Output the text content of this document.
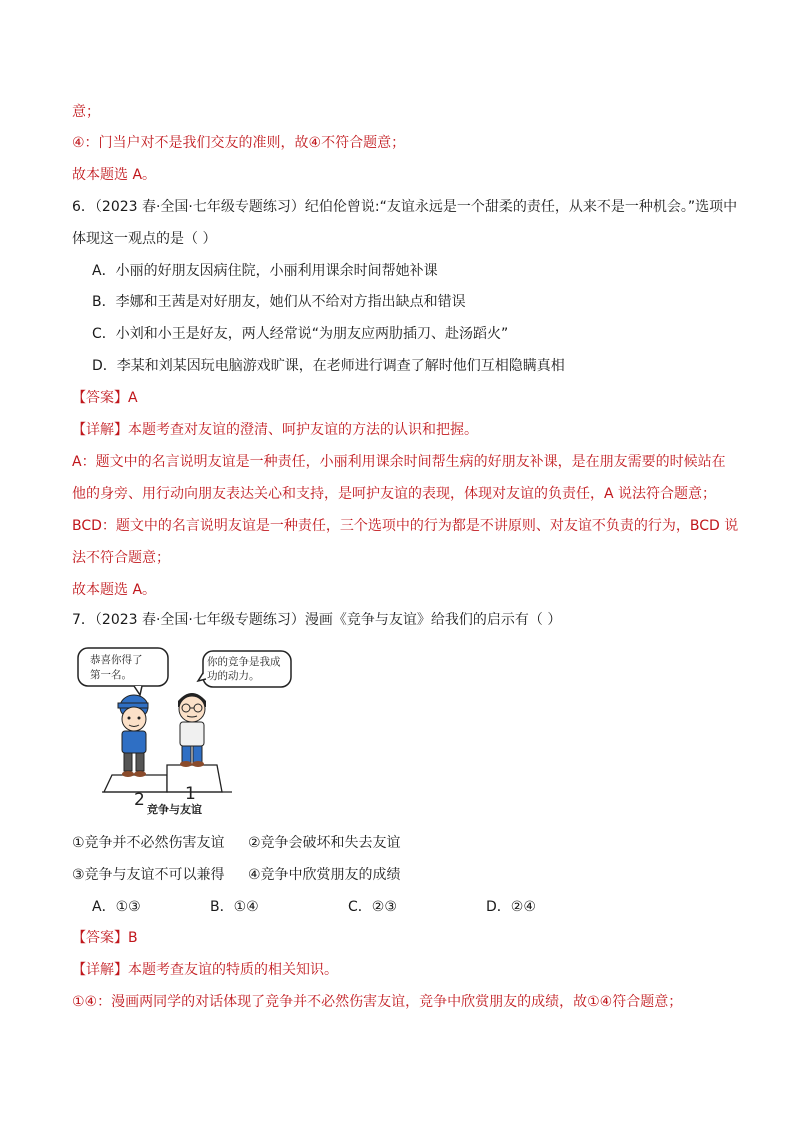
意；
④：门当户对不是我们交友的准则，故④不符合题意；
故本题选 A。
6．（2023 春·全国·七年级专题练习）纪伯伦曾说:“友谊永远是一个甜柔的责任，从来不是一种机会。”选项中
体现这一观点的是（ ）
A．小丽的好朋友因病住院，小丽利用课余时间帮她补课
B．李娜和王茜是对好朋友，她们从不给对方指出缺点和错误
C．小刘和小王是好友，两人经常说“为朋友应两肋插刀、赴汤蹈火”
D．李某和刘某因玩电脑游戏旷课，在老师进行调查了解时他们互相隐瞒真相
【答案】A
【详解】本题考查对友谊的澄清、呵护友谊的方法的认识和把握。
A：题文中的名言说明友谊是一种责任，小丽利用课余时间帮生病的好朋友补课，是在朋友需要的时候站在
他的身旁、用行动向朋友表达关心和支持，是呵护友谊的表现，体现对友谊的负责任，A 说法符合题意；
BCD：题文中的名言说明友谊是一种责任，三个选项中的行为都是不讲原则、对友谊不负责的行为，BCD 说
法不符合题意；
故本题选 A。
7．（2023 春·全国·七年级专题练习）漫画《竞争与友谊》给我们的启示有（ ）
恭喜你得了
第一名。
你的竞争是我成
功的动力。
2 1
竞争与友谊
①竞争并不必然伤害友谊 ②竞争会破坏和失去友谊
③竞争与友谊不可以兼得 ④竞争中欣赏朋友的成绩
A．①③	B．①④	C．②③	D．②④
【答案】B
【详解】本题考查友谊的特质的相关知识。
①④：漫画两同学的对话体现了竞争并不必然伤害友谊，竞争中欣赏朋友的成绩，故①④符合题意；
